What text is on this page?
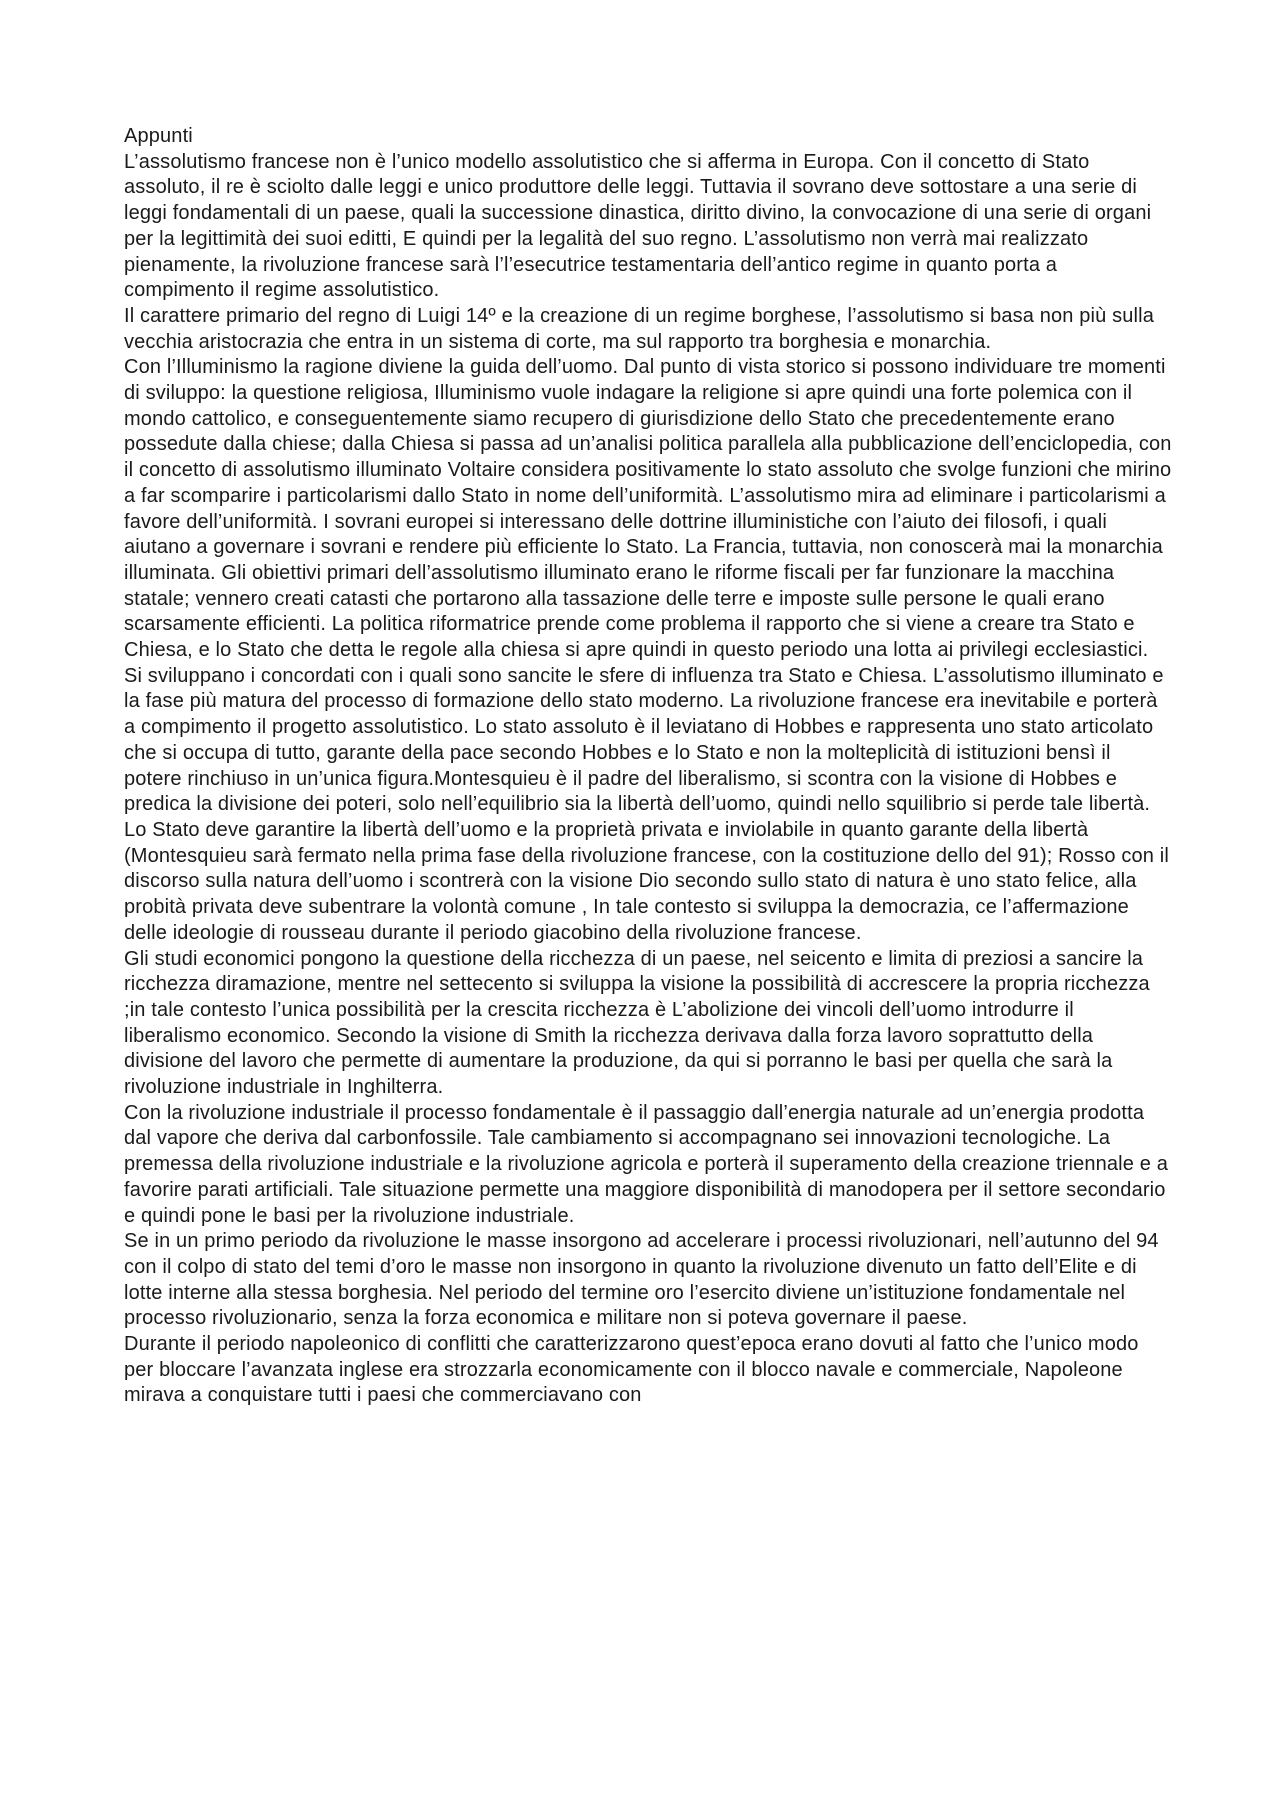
Appunti
L’assolutismo francese non è l’unico modello assolutistico che si afferma in Europa. Con il concetto di Stato assoluto, il re è sciolto dalle leggi e unico produttore delle leggi. Tuttavia il sovrano deve sottostare a una serie di leggi fondamentali di un paese, quali la successione dinastica, diritto divino, la convocazione di una serie di organi per la legittimità dei suoi editti, E quindi per la legalità del suo regno. L’assolutismo non verrà mai realizzato pienamente, la rivoluzione francese sarà l’l’esecutrice testamentaria dell’antico regime in quanto porta a compimento il regime assolutistico.
Il carattere primario del regno di Luigi 14º e la creazione di un regime borghese, l’assolutismo si basa non più sulla vecchia aristocrazia che entra in un sistema di corte, ma sul rapporto tra borghesia e monarchia.
Con l’Illuminismo la ragione diviene la guida dell’uomo. Dal punto di vista storico si possono individuare tre momenti di sviluppo: la questione religiosa, Illuminismo vuole indagare la religione si apre quindi una forte polemica con il mondo cattolico, e conseguentemente siamo recupero di giurisdizione dello Stato che precedentemente erano possedute dalla chiese; dalla Chiesa si passa ad un’analisi politica parallela alla pubblicazione dell’enciclopedia, con il concetto di assolutismo illuminato Voltaire considera positivamente lo stato assoluto che svolge funzioni che mirino a far scomparire i particolarismi dallo Stato in nome dell’uniformità. L’assolutismo mira ad eliminare i particolarismi a favore dell’uniformità. I sovrani europei si interessano delle dottrine illuministiche con l’aiuto dei filosofi, i quali aiutano a governare i sovrani e rendere più efficiente lo Stato. La Francia, tuttavia, non conoscerà mai la monarchia illuminata. Gli obiettivi primari dell’assolutismo illuminato erano le riforme fiscali per far funzionare la macchina statale; vennero creati catasti che portarono alla tassazione delle terre e imposte sulle persone le quali erano scarsamente efficienti. La politica riformatrice prende come problema il rapporto che si viene a creare tra Stato e Chiesa, e lo Stato che detta le regole alla chiesa si apre quindi in questo periodo una lotta ai privilegi ecclesiastici. Si sviluppano i concordati con i quali sono sancite le sfere di influenza tra Stato e Chiesa. L’assolutismo illuminato e la fase più matura del processo di formazione dello stato moderno. La rivoluzione francese era inevitabile e porterà a compimento il progetto assolutistico. Lo stato assoluto è il leviatano di Hobbes e rappresenta uno stato articolato che si occupa di tutto, garante della pace secondo Hobbes e lo Stato e non la molteplicità di istituzioni bensì il potere rinchiuso in un’unica figura.Montesquieu è il padre del liberalismo, si scontra con la visione di Hobbes e predica la divisione dei poteri, solo nell’equilibrio sia la libertà dell’uomo, quindi nello squilibrio si perde tale libertà. Lo Stato deve garantire la libertà dell’uomo e la proprietà privata e inviolabile in quanto garante della libertà (Montesquieu sarà fermato nella prima fase della rivoluzione francese, con la costituzione dello del 91); Rosso con il discorso sulla natura dell’uomo i scontrerà con la visione Dio secondo sullo stato di natura è uno stato felice, alla probità privata deve subentrare la volontà comune , In tale contesto si sviluppa la democrazia, ce l’affermazione delle ideologie di rousseau durante il periodo giacobino della rivoluzione francese.
Gli studi economici pongono la questione della ricchezza di un paese, nel seicento e limita di preziosi a sancire la ricchezza diramazione, mentre nel settecento si sviluppa la visione la possibilità di accrescere la propria ricchezza ;in tale contesto l’unica possibilità per la crescita ricchezza è L’abolizione dei vincoli dell’uomo introdurre il liberalismo economico. Secondo la visione di Smith la ricchezza derivava dalla forza lavoro soprattutto della divisione del lavoro che permette di aumentare la produzione, da qui si porranno le basi per quella che sarà la rivoluzione industriale in Inghilterra.
Con la rivoluzione industriale il processo fondamentale è il passaggio dall’energia naturale ad un’energia prodotta dal vapore che deriva dal carbonfossile. Tale cambiamento si accompagnano sei innovazioni tecnologiche. La premessa della rivoluzione industriale e la rivoluzione agricola e porterà il superamento della creazione triennale e a favorire parati artificiali. Tale situazione permette una maggiore disponibilità di manodopera per il settore secondario e quindi pone le basi per la rivoluzione industriale.
Se in un primo periodo da rivoluzione le masse insorgono ad accelerare i processi rivoluzionari, nell’autunno del 94 con il colpo di stato del temi d’oro le masse non insorgono in quanto la rivoluzione divenuto un fatto dell’Elite e di lotte interne alla stessa borghesia. Nel periodo del termine oro l’esercito diviene un’istituzione fondamentale nel processo rivoluzionario, senza la forza economica e militare non si poteva governare il paese.
Durante il periodo napoleonico di conflitti che caratterizzarono quest’epoca erano dovuti al fatto che l’unico modo per bloccare l’avanzata inglese era strozzarla economicamente con il blocco navale e commerciale, Napoleone mirava a conquistare tutti i paesi che commerciavano con
